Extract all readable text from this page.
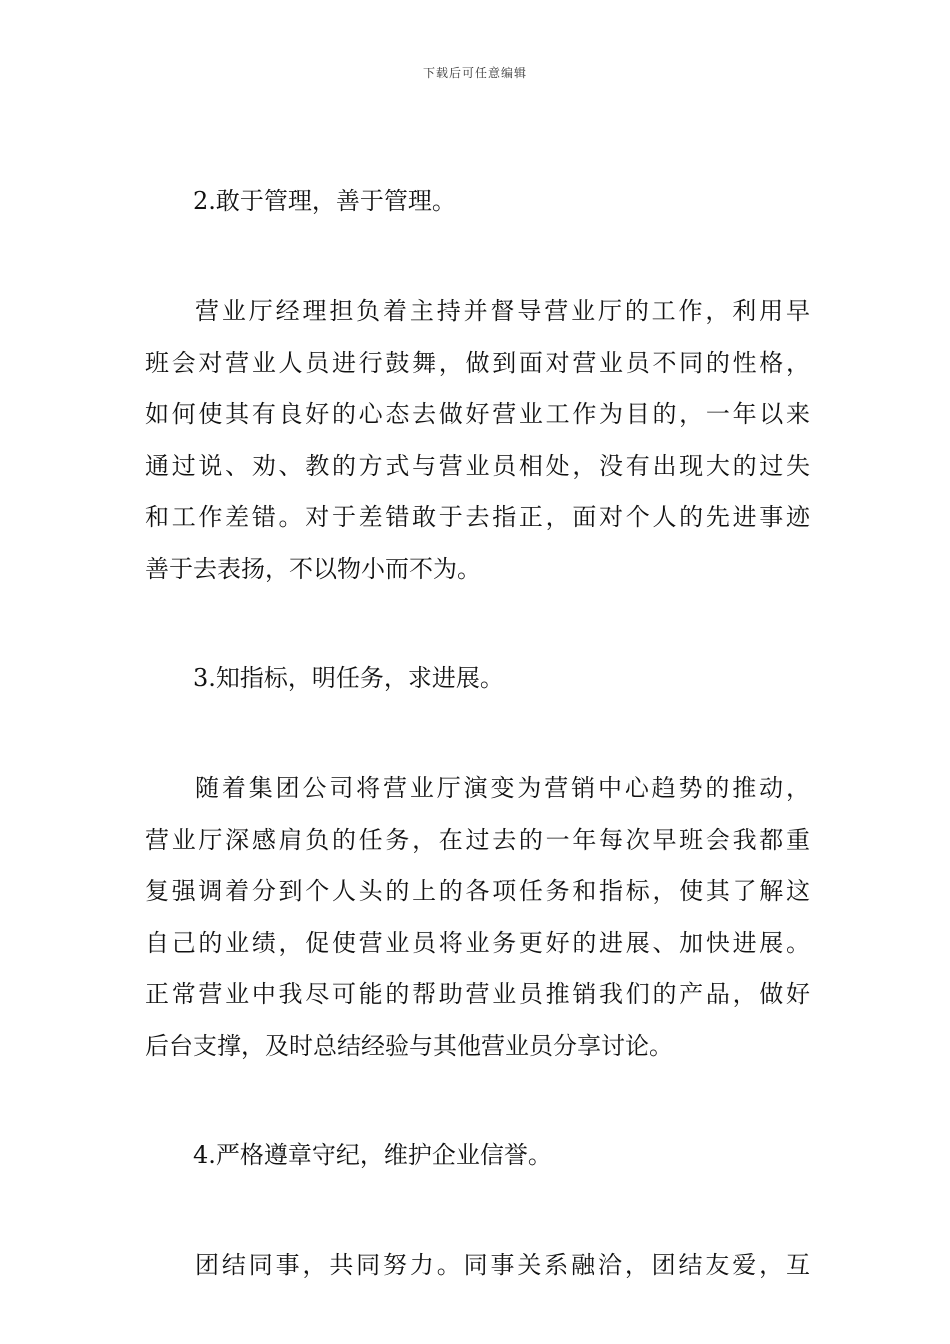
下载后可任意编辑
2.敢于管理，善于管理。
营业厅经理担负着主持并督导营业厅的工作，利用早
班会对营业人员进行鼓舞，做到面对营业员不同的性格，
如何使其有良好的心态去做好营业工作为目的，一年以来
通过说、劝、教的方式与营业员相处，没有出现大的过失
和工作差错。对于差错敢于去指正，面对个人的先进事迹
善于去表扬，不以物小而不为。
3.知指标，明任务，求进展。
随着集团公司将营业厅演变为营销中心趋势的推动，
营业厅深感肩负的任务，在过去的一年每次早班会我都重
复强调着分到个人头的上的各项任务和指标，使其了解这
自己的业绩，促使营业员将业务更好的进展、加快进展。
正常营业中我尽可能的帮助营业员推销我们的产品，做好
后台支撑，及时总结经验与其他营业员分享讨论。
4.严格遵章守纪，维护企业信誉。
团结同事，共同努力。同事关系融洽，团结友爱，互
